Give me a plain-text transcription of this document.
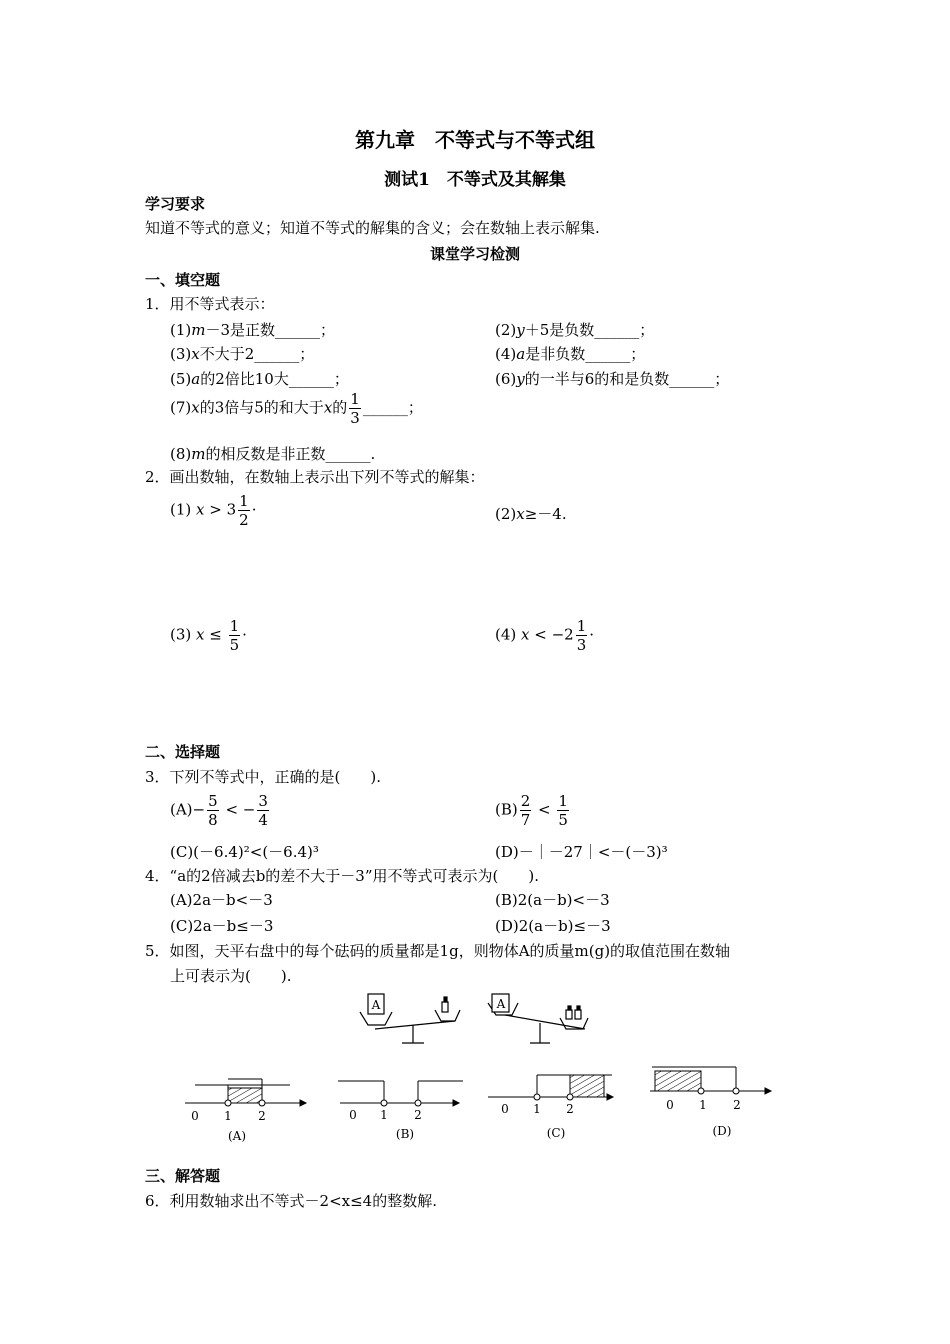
第九章　不等式与不等式组
测试1　不等式及其解集
学习要求
知道不等式的意义；知道不等式的解集的含义；会在数轴上表示解集.
课堂学习检测
一、填空题
1．用不等式表示：
(1)m－3是正数______；	(2)y＋5是负数______；
(3)x不大于2______；	(4)a是非负数______；
(5)a的2倍比10大______；	(6)y的一半与6的和是负数______；
(7)x的3倍与5的和大于x的 $\frac{1}{3}$ ______；
(8)m的相反数是非正数______.
2．画出数轴，在数轴上表示出下列不等式的解集：
(1) $x > 3 \frac{1}{2}$ ·	(2)x≥－4.
(3) $x \le \frac{1}{5}$ ·	(4) $x < -2 \frac{1}{3}$ ·
二、选择题
3．下列不等式中，正确的是(　　).
$(A)- \frac{5}{8}$ < − $\frac{3}{4}$	$(B) \frac{2}{7} < \frac{1}{5}$
(C)(－6.4)²<(－6.4)³	(D)－｜－27｜<－(－3)³
4．“a的2倍减去b的差不大于－3”用不等式可表示为(　　).
(A)2a－b<－3	(B)2(a－b)<－3
(C)2a－b≤－3	(D)2(a－b)≤－3
5．如图，天平右盘中的每个砝码的质量都是1g，则物体A的质量m(g)的取值范围在数轴
上可表示为(　　).
A	A
0 1 2
(A)
0 1 2
(B)
0 1 2
(C)
0 1 2
(D)
三、解答题
6．利用数轴求出不等式－2<x≤4的整数解.
